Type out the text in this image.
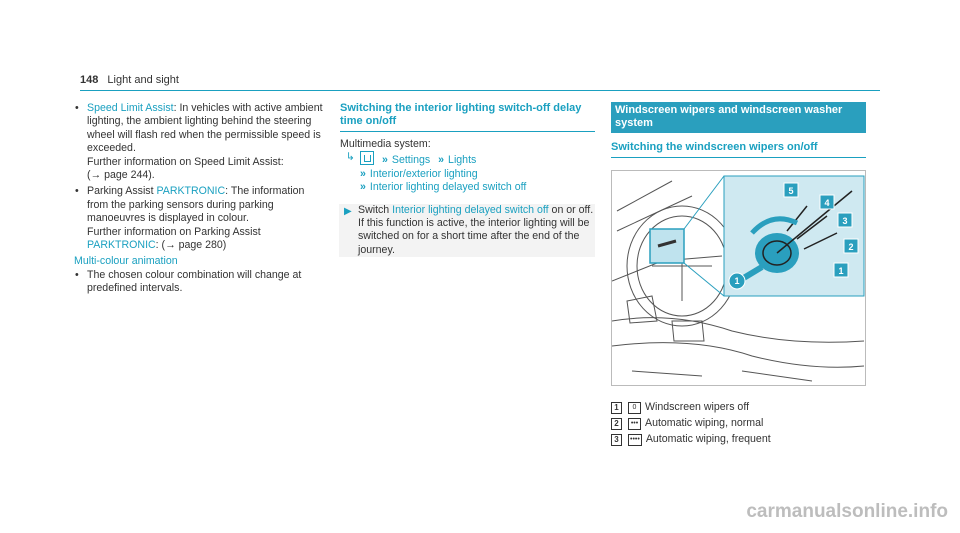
148 Light and sight

• Speed Limit Assist: In vehicles with active ambient lighting, the ambient lighting behind the steering wheel will flash red when the permissible speed is exceeded.

Further information on Speed Limit Assist:

(→ page 244).

• Parking Assist PARKTRONIC: The information from the parking sensors during parking manoeuvres is displayed in colour.

Further information on Parking Assist

PARKTRONIC: (→ page 280)

Multi-colour animation

• The chosen colour combination will change at predefined intervals.

Switching the interior lighting switch-off delay time on/off

Multimedia system:

↳	» Settings » Lights
» Interior/exterior lighting
» Interior lighting delayed switch off
▶ Switch Interior lighting delayed switch off on or off.

If this function is active, the interior lighting will be switched on for a short time after the end of the journey.

Windscreen wipers and windscreen washer system
Switching the windscreen wipers on/off
1
1
2
3
4
5
1	0 Windscreen wipers off
2	••• Automatic wiping, normal
3	•••• Automatic wiping, frequent
carmanualsonline.info
